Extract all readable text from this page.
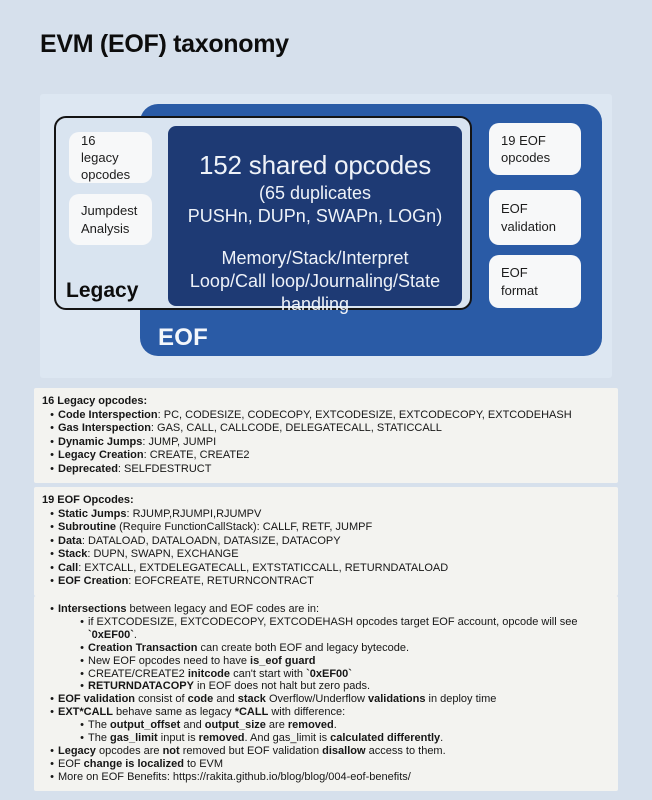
EVM (EOF) taxonomy
19 EOF opcodes
EOF validation
EOF format
EOF
16 legacy opcodes
Jumpdest Analysis
152 shared opcodes
(65 duplicates
PUSHn, DUPn, SWAPn, LOGn)
Memory/Stack/Interpret Loop/Call loop/Journaling/State handling
Legacy
16 Legacy opcodes:
• Code Interspection: PC, CODESIZE, CODECOPY, EXTCODESIZE, EXTCODECOPY, EXTCODEHASH
• Gas Interspection: GAS, CALL, CALLCODE, DELEGATECALL, STATICCALL
• Dynamic Jumps: JUMP, JUMPI
• Legacy Creation: CREATE, CREATE2
• Deprecated: SELFDESTRUCT
19 EOF Opcodes:
• Static Jumps: RJUMP,RJUMPI,RJUMPV
• Subroutine (Require FunctionCallStack): CALLF, RETF, JUMPF
• Data: DATALOAD, DATALOADN, DATASIZE, DATACOPY
• Stack: DUPN, SWAPN, EXCHANGE
• Call: EXTCALL, EXTDELEGATECALL, EXTSTATICCALL, RETURNDATALOAD
• EOF Creation: EOFCREATE, RETURNCONTRACT
• Intersections between legacy and EOF codes are in:
• if EXTCODESIZE, EXTCODECOPY, EXTCODEHASH opcodes target EOF account, opcode will see `0xEF00`.
• Creation Transaction can create both EOF and legacy bytecode.
• New EOF opcodes need to have is_eof guard
• CREATE/CREATE2 initcode can't start with `0xEF00`
• RETURNDATACOPY in EOF does not halt but zero pads.
• EOF validation consist of code and stack Overflow/Underflow validations in deploy time
• EXT*CALL behave same as legacy *CALL with difference:
• The output_offset and output_size are removed.
• The gas_limit input is removed. And gas_limit is calculated differently.
• Legacy opcodes are not removed but EOF validation disallow access to them.
• EOF change is localized to EVM
• More on EOF Benefits: https://rakita.github.io/blog/blog/004-eof-benefits/
